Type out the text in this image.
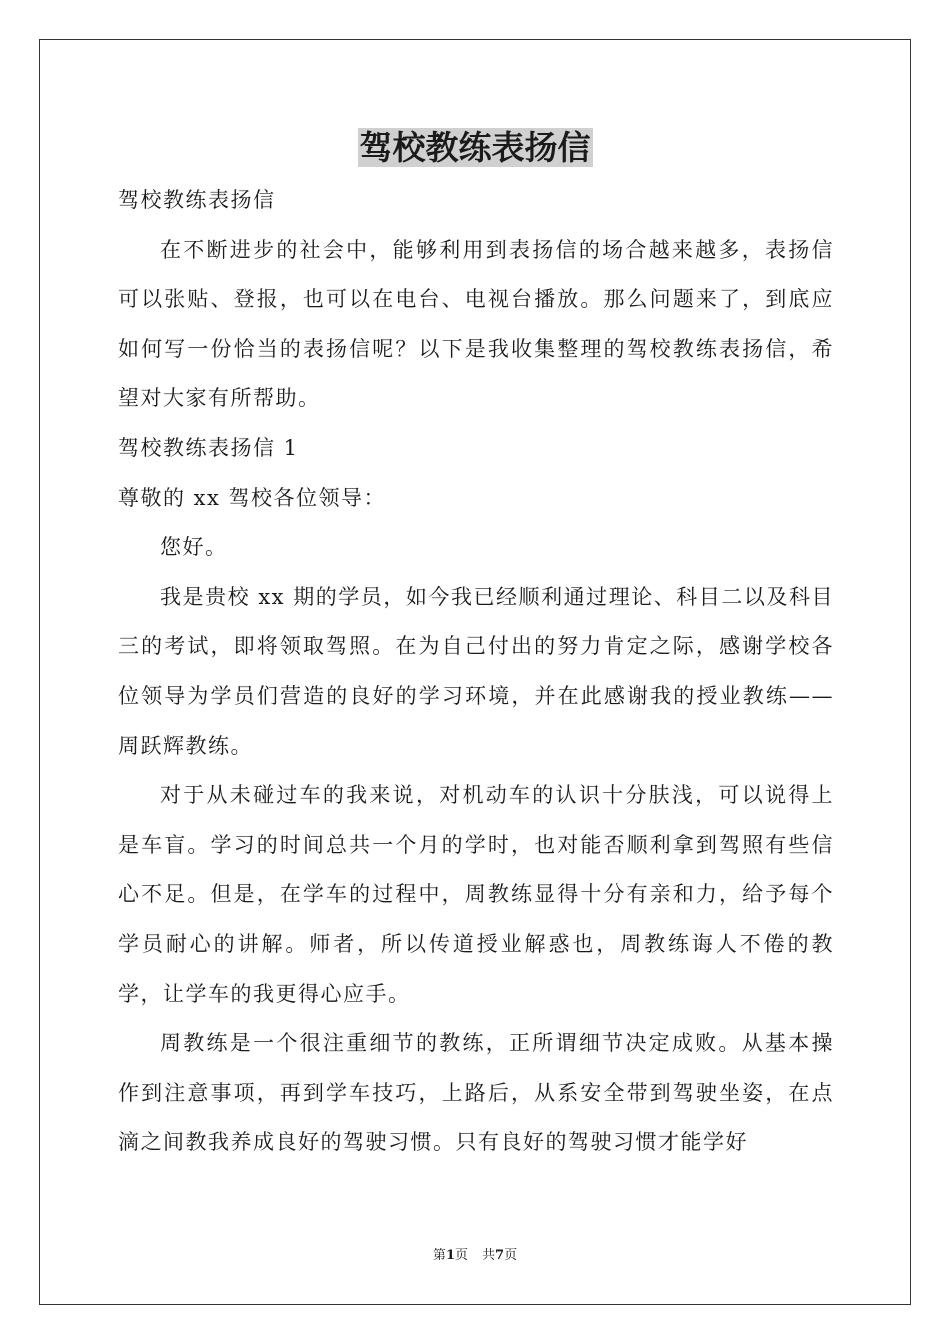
驾校教练表扬信

驾校教练表扬信

在不断进步的社会中，能够利用到表扬信的场合越来越多，表扬信可以张贴、登报，也可以在电台、电视台播放。那么问题来了，到底应如何写一份恰当的表扬信呢？以下是我收集整理的驾校教练表扬信，希望对大家有所帮助。

驾校教练表扬信 1

尊敬的 xx 驾校各位领导：

您好。

我是贵校 xx 期的学员，如今我已经顺利通过理论、科目二以及科目三的考试，即将领取驾照。在为自己付出的努力肯定之际，感谢学校各位领导为学员们营造的良好的学习环境，并在此感谢我的授业教练——周跃辉教练。

对于从未碰过车的我来说，对机动车的认识十分肤浅，可以说得上是车盲。学习的时间总共一个月的学时，也对能否顺利拿到驾照有些信心不足。但是，在学车的过程中，周教练显得十分有亲和力，给予每个学员耐心的讲解。师者，所以传道授业解惑也，周教练诲人不倦的教学，让学车的我更得心应手。

周教练是一个很注重细节的教练，正所谓细节决定成败。从基本操作到注意事项，再到学车技巧，上路后，从系安全带到驾驶坐姿，在点滴之间教我养成良好的驾驶习惯。只有良好的驾驶习惯才能学好

第1页 共7页
